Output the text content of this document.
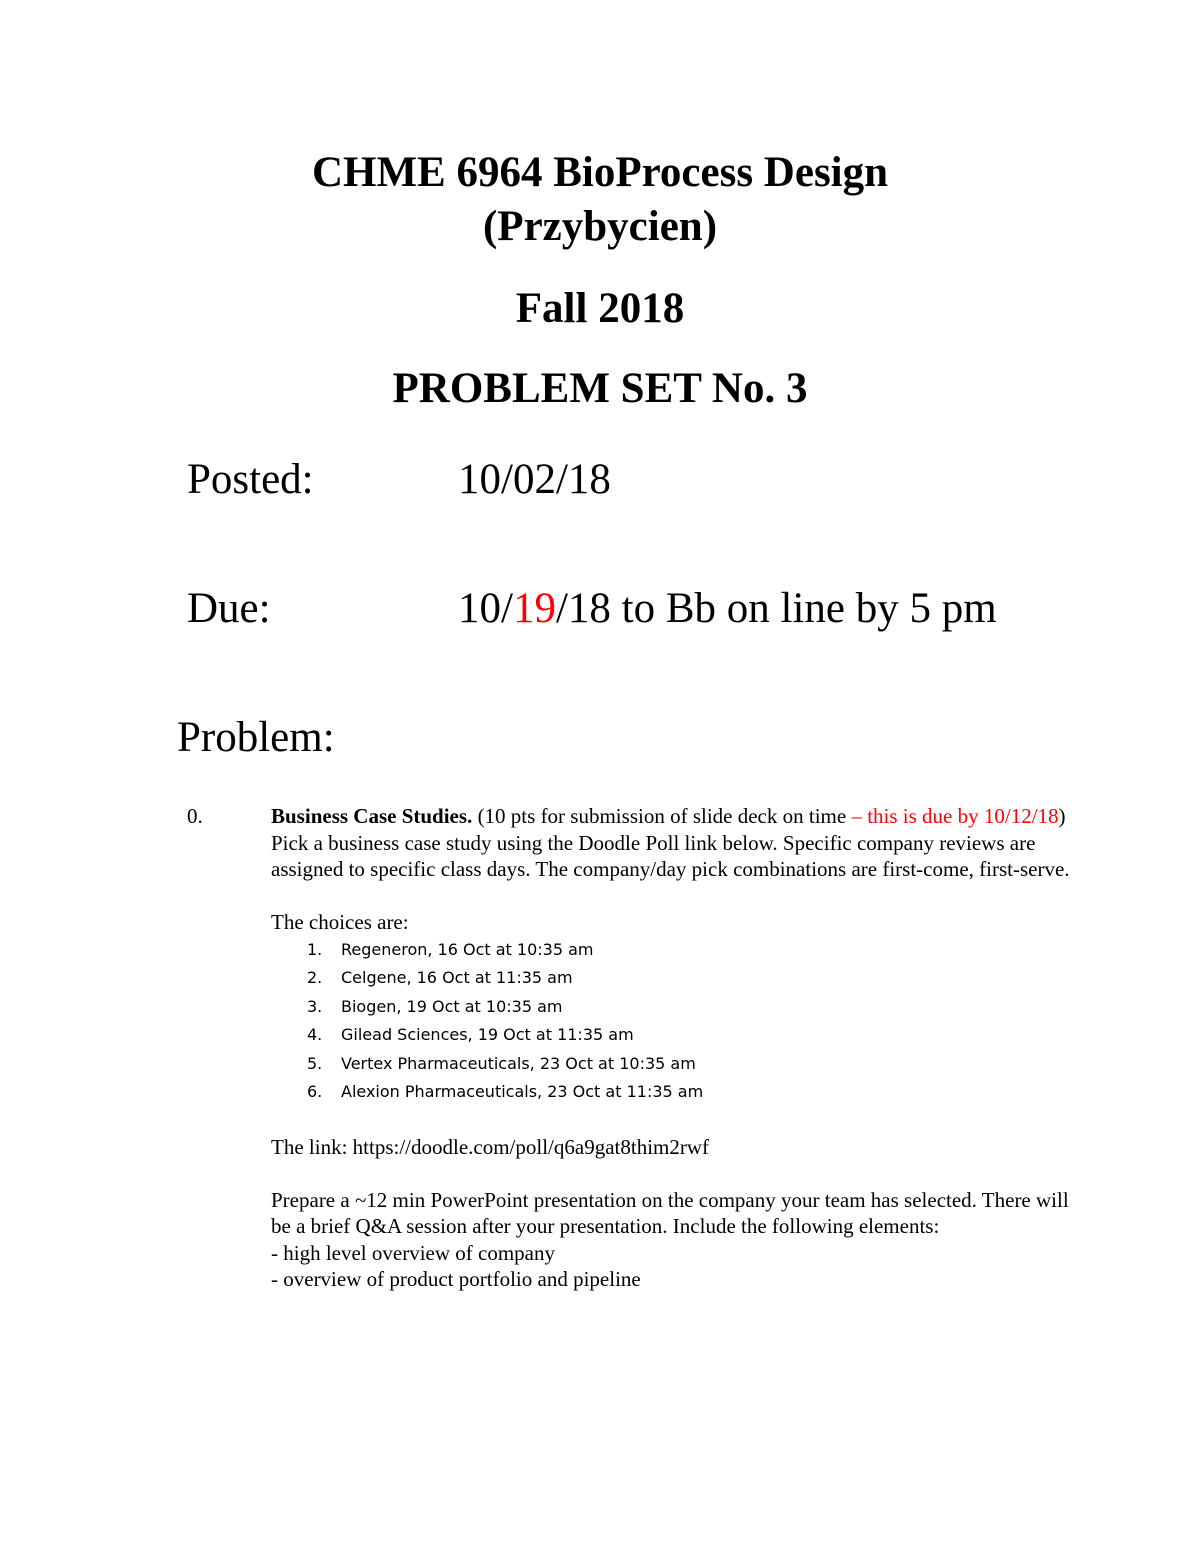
CHME 6964 BioProcess Design
(Przybycien)
Fall 2018
PROBLEM SET No. 3
Posted:	10/02/18
Due:	10/19/18 to Bb on line by 5 pm
Problem:
0.	Business Case Studies. (10 pts for submission of slide deck on time – this is due by 10/12/18) Pick a business case study using the Doodle Poll link below. Specific company reviews are assigned to specific class days. The company/day pick combinations are first-come, first-serve.

The choices are:

1. Regeneron, 16 Oct at 10:35 am
2. Celgene, 16 Oct at 11:35 am
3. Biogen, 19 Oct at 10:35 am
4. Gilead Sciences, 19 Oct at 11:35 am
5. Vertex Pharmaceuticals, 23 Oct at 10:35 am
6. Alexion Pharmaceuticals, 23 Oct at 11:35 am

The link: https://doodle.com/poll/q6a9gat8thim2rwf

Prepare a ~12 min PowerPoint presentation on the company your team has selected. There will be a brief Q&A session after your presentation. Include the following elements:

- high level overview of company

- overview of product portfolio and pipeline
